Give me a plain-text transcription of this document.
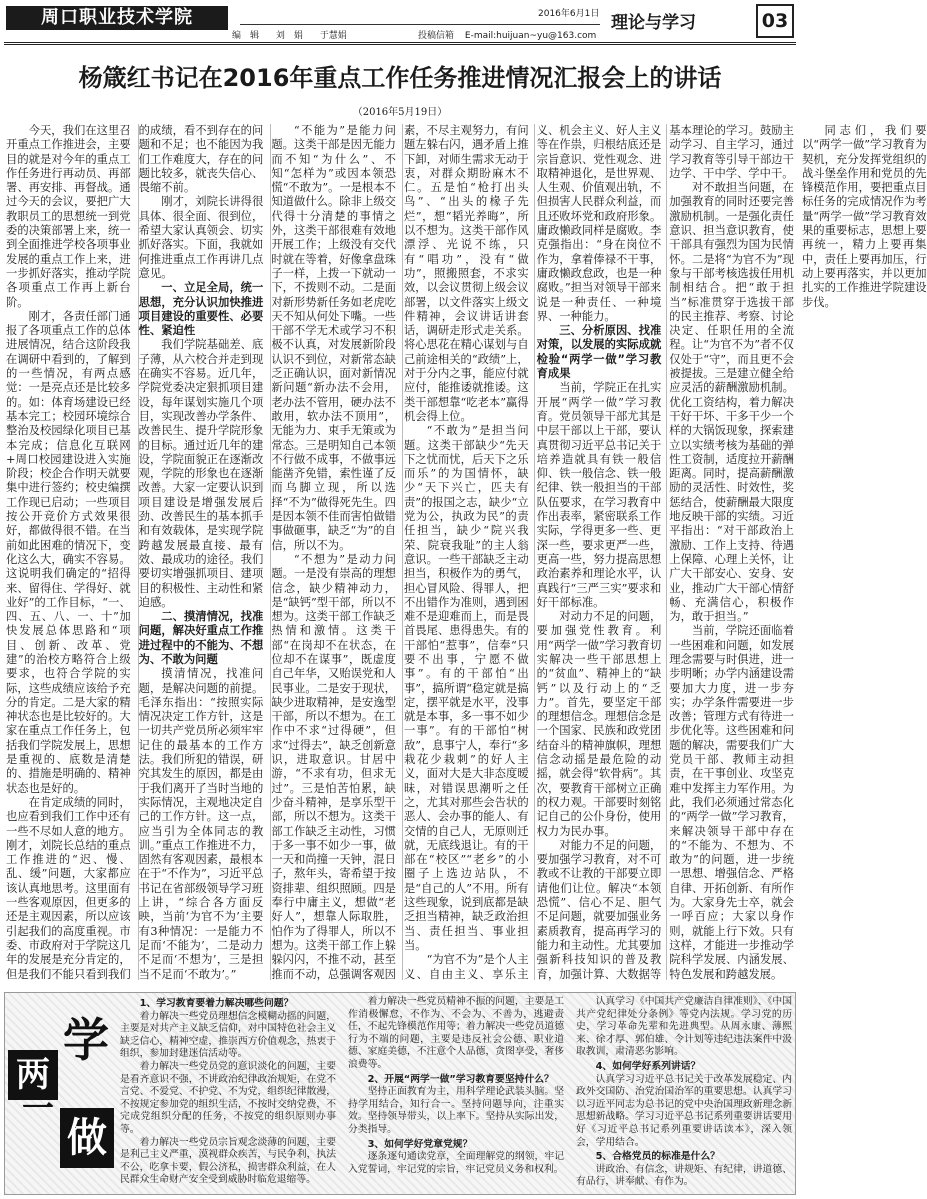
周口职业技术学院	2016年6月1日 理论与学习	03
编　辑 刘　娟 于慧娟	投稿信箱 E-mail:huijuan~yu@163.com
杨箴红书记在2016年重点工作任务推进情况汇报会上的讲话
（2016年5月19日）

今天，我们在这里召开重点工作推进会，主要目的就是对今年的重点工作任务进行再动员、再部署、再安排、再督战。通过今天的会议，要把广大教职员工的思想统一到党委的决策部署上来，统一到全面推进学校各项事业发展的重点工作上来，进一步抓好落实，推动学院各项重点工作再上新台阶。

刚才，各责任部门通报了各项重点工作的总体进展情况，结合这阶段我在调研中看到的，了解到的一些情况，有两点感觉：一是亮点还是比较多的。如：体育场建设已经基本完工；校园环境综合整治及校园绿化项目已基本完成；信息化互联网+周口校园建设进入实施阶段；校企合作明天就要集中进行签约；校史编撰工作现已启动；一些项目按公开竞价方式效果很好，都做得很不错。在当前如此困难的情况下，变化这么大，确实不容易。这说明我们确定的“招得来、留得住、学得好、就业好”的工作目标，“一、四、五、八、一、十”加快发展总体思路和“项目、创新、改革、党建”的治校方略符合上级要求，也符合学院的实际，这些成绩应该给予充分的肯定。二是大家的精神状态也是比较好的。大家在重点工作任务上，包括我们学院发展上，思想是重视的、底数是清楚的、措施是明确的、精神状态也是好的。

在肯定成绩的同时，也应看到我们工作中还有一些不尽如人意的地方。刚才，刘院长总结的重点工作推进的“迟、慢、乱、缓”问题，大家都应该认真地思考。这里面有一些客观原因，但更多的还是主观因素，所以应该引起我们的高度重视。市委、市政府对于学院这几年的发展是充分肯定的，但是我们不能只看到我们的成绩，看不到存在的问题和不足；也不能因为我们工作难度大，存在的问题比较多，就丧失信心、畏缩不前。

刚才，刘院长讲得很具体、很全面、很到位，希望大家认真领会、切实抓好落实。下面，我就如何推进重点工作再讲几点意见。

一、立足全局，统一思想，充分认识加快推进项目建设的重要性、必要性、紧迫性

我们学院基础差、底子薄，从六校合并走到现在确实不容易。近几年，学院党委决定狠抓项目建设，每年谋划实施几个项目，实现改善办学条件、改善民生、提升学院形象的目标。通过近几年的建设，学院面貌正在逐渐改观，学院的形象也在逐渐改善。大家一定要认识到项目建设是增强发展后劲、改善民生的基本抓手和有效载体，是实现学院跨越发展最直接、最有效、最成功的途径。我们要切实增强抓项目、建项目的积极性、主动性和紧迫感。

二、摸清情况，找准问题，解决好重点工作推进过程中的不能为、不想为、不敢为问题

摸清情况，找准问题，是解决问题的前提。毛泽东指出：“按照实际情况决定工作方针，这是一切共产党员所必须牢牢记住的最基本的工作方法。我们所犯的错误，研究其发生的原因，都是由于我们离开了当时当地的实际情况，主观地决定自己的工作方针。这一点，应当引为全体同志的教训。”重点工作推进不力，固然有客观因素，最根本在于“不作为”，习近平总书记在省部级领导学习班上讲，“综合各方面反映，当前‘为官不为’主要有3种情况：一是能力不足而‘不能为’，二是动力不足而‘不想为’，三是担当不足而‘不敢为’。”

“不能为”是能力问题。这类干部是因无能力而不知“为什么”、不知“怎样为”或因本领恐慌“不敢为”。一是根本不知道做什么。除非上级交代得十分清楚的事情之外，这类干部很难有效地开展工作；上级没有交代时就在等着，好像拿盘珠子一样，上拨一下就动一下，不拨则不动。二是面对新形势新任务如老虎吃天不知从何处下嘴。一些干部不学无术或学习不积极不认真，对发展新阶段认识不到位，对新常态缺乏正确认识，面对新情况新问题“新办法不会用，老办法不管用，硬办法不敢用，软办法不顶用”，无能为力、束手无策或为常态。三是明知自己本领不行做不成事，不做事远能凿齐免错，索性谨了反而乌脚立现，所以选择“不为”做得死先生。四是因本领不佳而害怕做错事做砸事，缺乏“为”的自信，所以不为。

“不想为”是动力问题。一是没有崇高的理想信念，缺少精神动力，是“缺钙”型干部，所以不想为。这类干部工作缺乏热情和激情。这类干部“在岗却不在状态，在位却不在谋事”，既虚度自己年华，又贻误党和人民事业。二是安于现状，缺少进取精神，是安逸型干部，所以不想为。在工作中不求“过得硬”，但求“过得去”，缺乏创新意识，进取意识。甘居中游，“不求有功，但求无过”。三是怕苦怕累，缺少奋斗精神，是享乐型干部，所以不想为。这类干部工作缺乏主动性，习惯于多一事不如少一事，做一天和尚撞一天钟，混日子，熬年头，寄希望于按资排辈、组织照顾。四是奉行中庸主义，想做“老好人”，想靠人际取胜，怕作为了得罪人，所以不想为。这类干部工作上躲躲闪闪，不推不动，甚至推而不动，总强调客观因素，不尽主观努力，有问题左躲右闪，遇矛盾上推下卸，对师生需求无动于衷，对群众期盼麻木不仁。五是怕“枪打出头鸟”、“出头的椽子先烂”，想“韬光养晦”，所以不想为。这类干部作风漂浮、光说不练，只有“唱功”，没有“做功”，照搬照套，不求实效，以会议贯彻上级会议部署，以文件落实上级文件精神，会议讲话讲套话，调研走形式走关系。将心思花在精心谋划与自己前途相关的“政绩”上，对于分内之事，能应付就应付，能推诿就推诿。这类干部想靠“吃老本”赢得机会得上位。

“不敢为”是担当问题。这类干部缺少“先天下之忧而忧，后天下之乐而乐”的为国情怀，缺少“天下兴亡，匹夫有责”的报国之志，缺少“立党为公，执政为民”的责任担当，缺少“院兴我荣、院衰我耻”的主人翁意识。一些干部缺乏主动担当，积极作为的勇气，担心冒风险、得罪人，把不出错作为准则，遇到困难不是迎难而上，而是畏首畏尾、患得患失。有的干部怕“惹事”，信奉“只要不出事，宁愿不做事”。有的干部怕“出事”，搞所谓“稳定就是搞定，摆平就是水平，没事就是本事，多一事不如少一事”。有的干部怕“树敌”，息事宁人，奉行“多栽花少栽刺”的好人主义，面对大是大非态度暧昧，对错误思潮听之任之，尤其对那些会告状的恶人、会办事的能人、有交情的自己人，无原则迁就，无底线退让。有的干部在“校区”“老乡”的小圈子上选边站队，不是“自己的人”不用。所有这些现象，说到底都是缺乏担当精神，缺乏政治担当、责任担当、事业担当。

“为官不为”是个人主义、自由主义、享乐主义、机会主义、好人主义等在作祟，归根结底还是宗旨意识、党性观念、进取精神退化，是世界观、人生观、价值观出轨，不但损害人民群众利益，而且还败坏党和政府形象。庸政懒政同样是腐败。李克强指出：“身在岗位不作为，拿着俸禄不干事，庸政懒政怠政，也是一种腐败。”担当对领导干部来说是一种责任、一种境界、一种能力。

三、分析原因、找准对策，以发展的实际成就检验“两学一做”学习教育成果

当前，学院正在扎实开展“两学一做”学习教育。党员领导干部尤其是中层干部以上干部，要认真贯彻习近平总书记关于培养造就具有铁一般信仰、铁一般信念、铁一般纪律、铁一般担当的干部队伍要求，在学习教育中作出表率，紧密联系工作实际，学得更多一些、更深一些，要求更严一些，更高一些，努力提高思想政治素养和理论水平，认真践行“三严三实”要求和好干部标准。

对动力不足的问题，要加强党性教育。利用“两学一做”学习教育切实解决一些干部思想上的“贫血”、精神上的“缺钙”以及行动上的“乏力”。首先，要坚定干部的理想信念。理想信念是一个国家、民族和政党团结奋斗的精神旗帜，理想信念动摇是最危险的动摇，就会得“软骨病”。其次，要教育干部树立正确的权力观。干部要时刻铭记自己的公仆身份，使用权力为民办事。

对能力不足的问题，要加强学习教育，对不可教或不让教的干部要立即请他们让位。解决“本领恐慌”、信心不足、胆气不足问题，就要加强业务素质教育，提高再学习的能力和主动性。尤其要加强新科技知识的普及教育，加强计算、大数据等基本理论的学习。鼓励主动学习、自主学习，通过学习教育等引导干部边干边学、干中学、学中干。

对不敢担当问题，在加强教育的同时还要完善激励机制。一是强化责任意识、担当意识教育，使干部具有强烈为国为民情怀。二是将“为官不为”现象与干部考核选拔任用机制相结合。把“敢于担当”标准贯穿于选拔干部的民主推荐、考察、讨论决定、任职任用的全流程。让“为官不为”者不仅仅处于“守”，而且更不会被提拔。三是建立健全给应灵活的薪酬激励机制。优化工资结构，着力解决干好干坏、干多干少一个样的大锅饭现象，探索建立以实绩考核为基础的弹性工资制，适度拉开薪酬距离。同时，提高薪酬激励的灵活性、时效性，奖惩结合，使薪酬最大限度地反映干部的实绩。习近平指出：“对干部政治上激励、工作上支持、待遇上保障、心理上关怀，让广大干部安心、安身、安业，推动广大干部心情舒畅、充满信心，积极作为，敢于担当。”

当前，学院还面临着一些困难和问题，如发展理念需要与时俱进，进一步明晰；办学内涵建设需要加大力度，进一步夯实；办学条件需要进一步改善；管理方式有待进一步优化等。这些困难和问题的解决，需要我们广大党员干部、教师主动担责，在干事创业、攻坚克难中发挥主力军作用。为此，我们必须通过常态化的“两学一做”学习教育，来解决领导干部中存在的“不能为、不想为、不敢为”的问题，进一步统一思想、增强信念、严格自律、开拓创新、有所作为。大家身先士卒，就会一呼百应；大家以身作则，就能上行下效。只有这样，才能进一步推动学院科学发展、内涵发展、特色发展和跨越发展。

同志们，我们要以“两学一做”学习教育为契机，充分发挥党组织的战斗堡垒作用和党员的先锋模范作用，要把重点目标任务的完成情况作为考量“两学一做”学习教育效果的重要标志，思想上要再统一，精力上要再集中，责任上要再加压，行动上要再落实，并以更加扎实的工作推进学院建设步伐。

两
学
一
做

1、学习教育要着力解决哪些问题？

着力解决一些党员理想信念模糊动摇的问题，主要是对共产主义缺乏信仰，对中国特色社会主义缺乏信心，精神空虚，推崇西方价值观念，热衷于组织，参加封建迷信活动等。

着力解决一些党员党的意识淡化的问题，主要是看齐意识不强，不讲政治纪律政治规矩，在党不言党、不爱党、不护党、不为党，组织纪律散漫，不按规定参加党的组织生活，不按时交纳党费，不完成党组织分配的任务，不按党的组织原则办事等。

着力解决一些党员宗旨观念淡薄的问题，主要是利己主义严重，漠视群众疾苦，与民争利，执法不公，吃拿卡要，假公济私，损害群众利益，在人民群众生命财产安全受到威胁时临危退缩等。

着力解决一些党员精神不振的问题，主要是工作消极懈怠，不作为、不会为、不善为，逃避责任，不起先锋模范作用等；着力解决一些党员道德行为不端的问题，主要是违反社会公德、职业道德、家庭美德，不注意个人品德，贪图享受，奢侈浪费等。

2、开展“两学一做”学习教育要坚持什么？

坚持正面教育为主，用科学理论武装头脑。坚持学用结合，知行合一。坚持问题导向，注重实效。坚持领导带头，以上率下。坚持从实际出发，分类指导。

3、如何学好党章党规？

逐条逐句通读党章，全面理解党的纲领，牢记入党誓词，牢记党的宗旨，牢记党员义务和权利。

认真学习《中国共产党廉洁自律准则》、《中国共产党纪律处分条例》等党内法规。学习党的历史，学习革命先辈和先进典型。从周永康、薄熙来、徐才厚、郭伯雄、令计划等违纪违法案件中汲取教训，肃清恶劣影响。

4、如何学好系列讲话？

认真学习习近平总书记关于改革发展稳定、内政外交国防、治党治国治军的重要思想。认真学习以习近平同志为总书记的党中央治国理政新理念新思想新战略。学习习近平总书记系列重要讲话要用好《习近平总书记系列重要讲话读本》，深入领会，学用结合。

5、合格党员的标准是什么？

讲政治、有信念，讲规矩、有纪律，讲道德、有品行，讲奉献、有作为。
